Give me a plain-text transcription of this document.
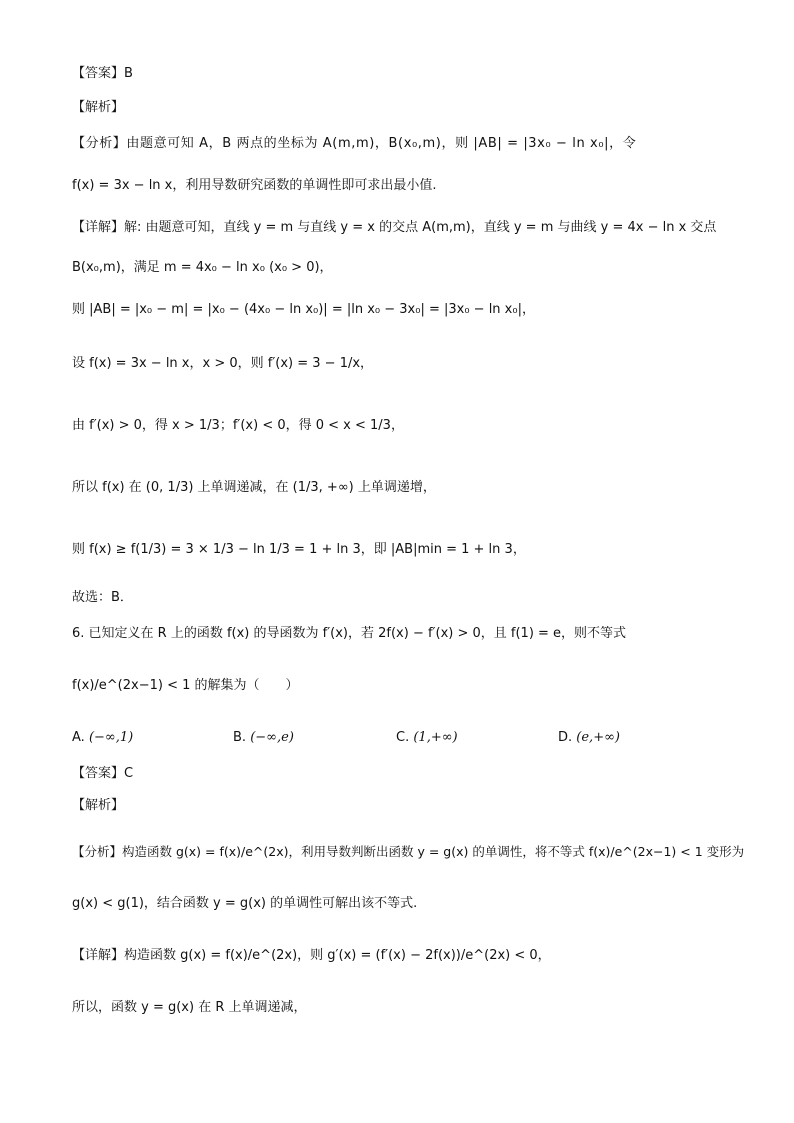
【答案】B
【解析】
【分析】由题意可知 A，B 两点的坐标为 A(m,m)，B(x₀,m)，则 |AB| = |3x₀ − ln x₀|，令
f(x) = 3x − ln x，利用导数研究函数的单调性即可求出最小值.
【详解】解: 由题意可知，直线 y = m 与直线 y = x 的交点 A(m,m)，直线 y = m 与曲线 y = 4x − ln x 交点
B(x₀,m)，满足 m = 4x₀ − ln x₀ (x₀ > 0)，
则 |AB| = |x₀ − m| = |x₀ − (4x₀ − ln x₀)| = |ln x₀ − 3x₀| = |3x₀ − ln x₀|，
设 f(x) = 3x − ln x，x > 0，则 f′(x) = 3 − 1/x，
由 f′(x) > 0，得 x > 1/3；f′(x) < 0，得 0 < x < 1/3，
所以 f(x) 在 (0, 1/3) 上单调递减，在 (1/3, +∞) 上单调递增，
则 f(x) ≥ f(1/3) = 3 × 1/3 − ln 1/3 = 1 + ln 3，即 |AB|min = 1 + ln 3，
故选：B．
6. 已知定义在 R 上的函数 f(x) 的导函数为 f′(x)，若 2f(x) − f′(x) > 0，且 f(1) = e，则不等式
f(x)/e^(2x−1) < 1 的解集为（　　）
A. (−∞,1)	B. (−∞,e)	C. (1,+∞)	D. (e,+∞)
【答案】C
【解析】
【分析】构造函数 g(x) = f(x)/e^(2x)，利用导数判断出函数 y = g(x) 的单调性，将不等式 f(x)/e^(2x−1) < 1 变形为
g(x) < g(1)，结合函数 y = g(x) 的单调性可解出该不等式.
【详解】构造函数 g(x) = f(x)/e^(2x)，则 g′(x) = (f′(x) − 2f(x))/e^(2x) < 0，
所以，函数 y = g(x) 在 R 上单调递减，
